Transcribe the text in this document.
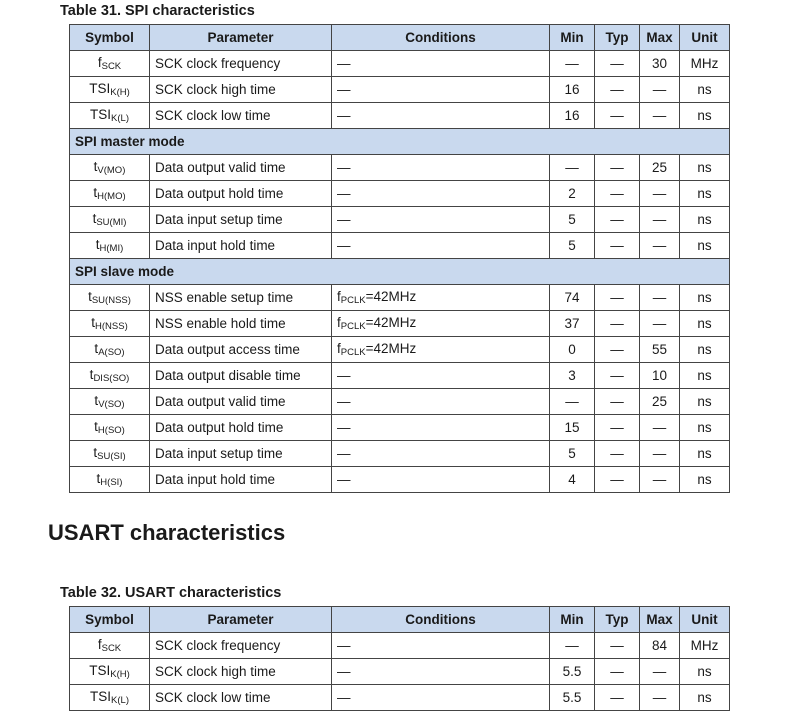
Table 31. SPI characteristics
Symbol	Parameter	Conditions	Min	Typ	Max	Unit
$f_{SCK}$	SCK clock frequency	—	—	—	30	MHz
$TSI_{K(H)}$	SCK clock high time	—	16	—	—	ns
$TSI_{K(L)}$	SCK clock low time	—	16	—	—	ns
SPI master mode						
$t_{V(MO)}$	Data output valid time	—	—	—	25	ns
$t_{H(MO)}$	Data output hold time	—	2	—	—	ns
$t_{SU(MI)}$	Data input setup time	—	5	—	—	ns
$t_{H(MI)}$	Data input hold time	—	5	—	—	ns
SPI slave mode						
$t_{SU(NSS)}$	NSS enable setup time	$f_{PCLK}=42MHz$	74	—	—	ns
$t_{H(NSS)}$	NSS enable hold time	$f_{PCLK}=42MHz$	37	—	—	ns
$t_{A(SO)}$	Data output access time	$f_{PCLK}=42MHz$	0	—	55	ns
$t_{DIS(SO)}$	Data output disable time	—	3	—	10	ns
$t_{V(SO)}$	Data output valid time	—	—	—	25	ns
$t_{H(SO)}$	Data output hold time	—	15	—	—	ns
$t_{SU(SI)}$	Data input setup time	—	5	—	—	ns
$t_{H(SI)}$	Data input hold time	—	4	—	—	ns
USART characteristics
Table 32. USART characteristics
Symbol	Parameter	Conditions	Min	Typ	Max	Unit
$f_{SCK}$	SCK clock frequency	—	—	—	84	MHz
$TSI_{K(H)}$	SCK clock high time	—	5.5	—	—	ns
$TSI_{K(L)}$	SCK clock low time	—	5.5	—	—	ns
